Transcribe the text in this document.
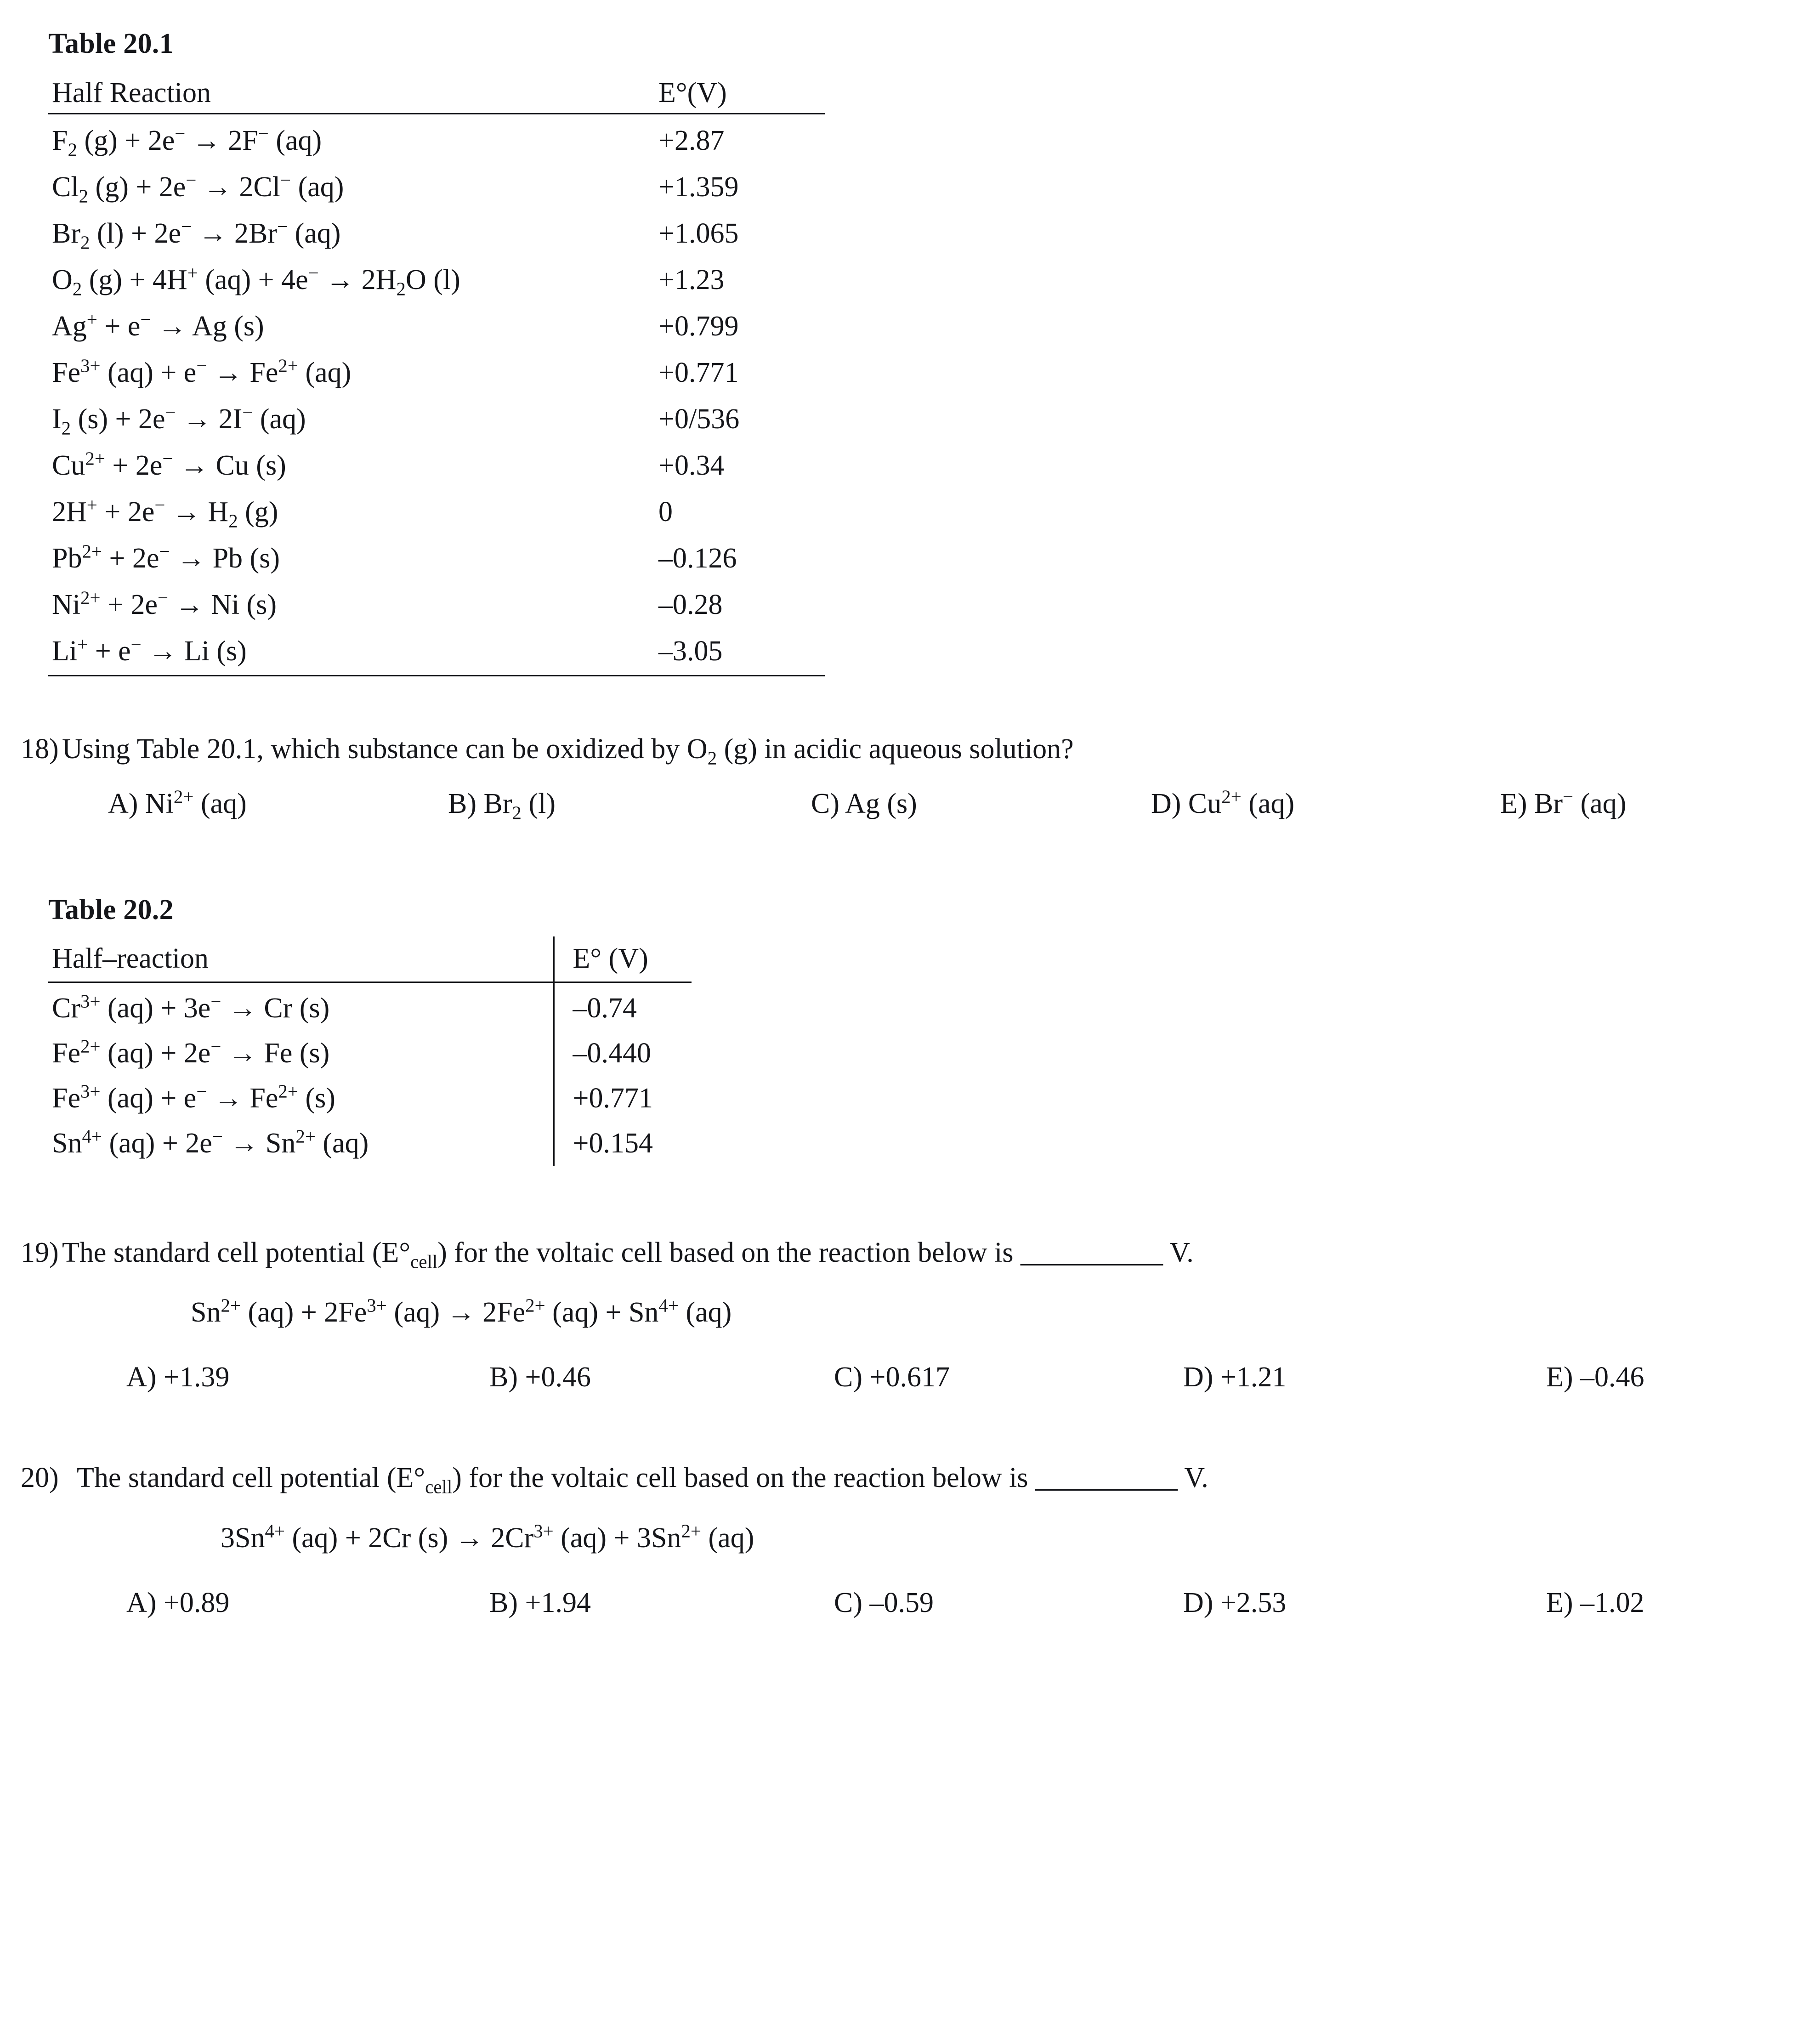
Table 20.1
Half Reaction	E°(V)
$F_2$ (g) + 2e− → 2F− (aq)	+2.87
$Cl_2$ (g) + 2e− → 2Cl− (aq)	+1.359
$Br_2$ (l) + 2e− → 2Br− (aq)	+1.065
$O_2$ (g) + 4H+ $(aq) + 4e^- \to 2H_2O$ (l)	+1.23
Ag+ + e− → Ag (s)	+0.799
$Fe^{3+}$ $(aq) + e^- \to Fe^{2+}$ (aq)	+0.771
$I_2$ (s) + 2e− → 2I− (aq)	+0/536
$Cu^{2+} + 2e^- \to Cu$ (s)	+0.34
$2H^+ + 2e^- \to H_2$ (g)	0
$Pb^{2+} + 2e^- \to Pb$ (s)	–0.126
$Ni^{2+} + 2e^- \to Ni$ (s)	–0.28
Li+ + e− → Li (s)	–3.05
18) Using Table 20.1, which substance can be oxidized by $O_2$ (g) in acidic aqueous solution?
A) $Ni^{2+}$ (aq)	B) $Br_2$ (l)	C) Ag (s)	D) $Cu^{2+}$ (aq)	E) Br− (aq)
Table 20.2
Half–reaction	E° (V)
$Cr^{3+}$ (aq) + 3e− → Cr (s)	–0.74
$Fe^{2+}$ (aq) + 2e− → Fe (s)	–0.440
$Fe^{3+}$ $(aq) + e^- \to Fe^{2+}$ (s)	+0.771
$Sn^{4+}$ $(aq) + 2e^- \to Sn^{2+}$ (aq)	+0.154
19) The standard cell potential $(E^\circ_{cell})$ for the voltaic cell based on the reaction below is __________ V.
$Sn^{2+}$ $(aq) + 2Fe^{3+}$ $(aq) \to 2Fe^{2+}$ $(aq) + Sn^{4+}$ (aq)
A) +1.39	B) +0.46	C) +0.617	D) +1.21	E) –0.46
20) The standard cell potential $(E^\circ_{cell})$ for the voltaic cell based on the reaction below is __________ V.
$3Sn^{4+}$ (aq) + 2Cr $(s) \to 2Cr^{3+}$ $(aq) + 3Sn^{2+}$ (aq)
A) +0.89	B) +1.94	C) –0.59	D) +2.53	E) –1.02
